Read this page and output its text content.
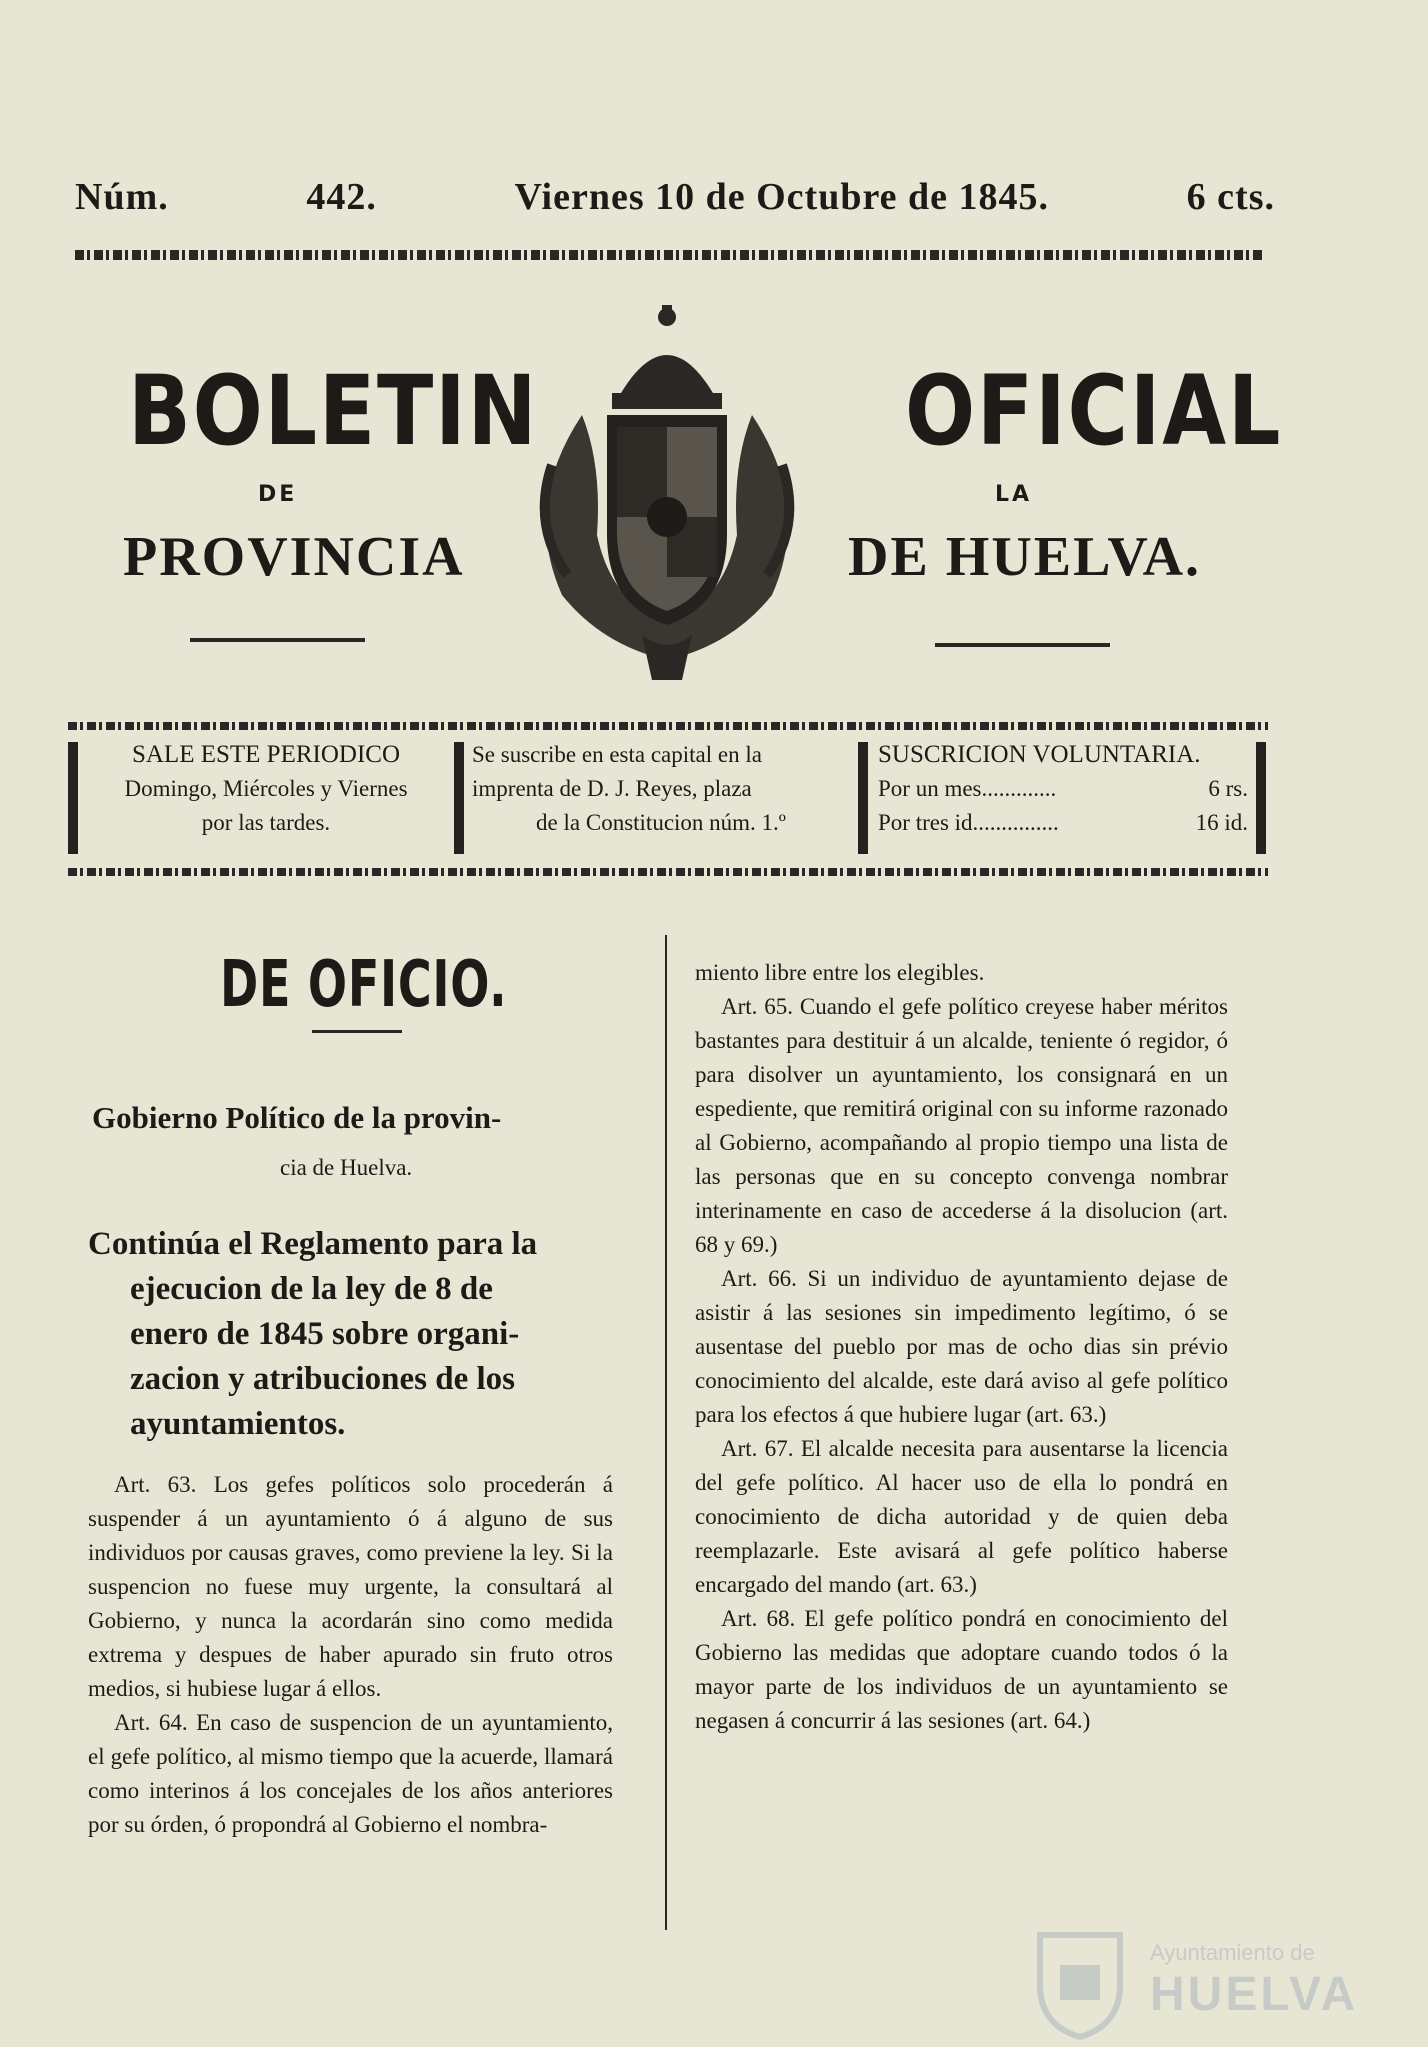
Núm.	442.	Viernes 10 de Octubre de 1845.	6 cts.
BOLETIN	OFICIAL
DE	LA
PROVINCIA	DE HUELVA.

SALE ESTE PERIODICO

Domingo, Miércoles y Viernes

por las tardes.

Se suscribe en esta capital en la

imprenta de D. J. Reyes, plaza

de la Constitucion núm. 1.º

SUSCRICION VOLUNTARIA.

Por un mes.............	6 rs.

Por tres id...............	16 id.

DE OFICIO.
Gobierno Político de la provin-
cia de Huelva.
Continúa el Reglamento para la
ejecucion de la ley de 8 de
enero de 1845 sobre organi-
zacion y atribuciones de los
ayuntamientos.

Art. 63. Los gefes políticos solo procederán á suspender á un ayuntamiento ó á alguno de sus individuos por causas graves, como previene la ley. Si la suspencion no fuese muy urgente, la consultará al Gobierno, y nunca la acordarán sino como medida extrema y despues de haber apurado sin fruto otros medios, si hubiese lugar á ellos.

Art. 64. En caso de suspencion de un ayuntamiento, el gefe político, al mismo tiempo que la acuerde, llamará como interinos á los concejales de los años anteriores por su órden, ó propondrá al Gobierno el nombra-

miento libre entre los elegibles.

Art. 65. Cuando el gefe político creyese haber méritos bastantes para destituir á un alcalde, teniente ó regidor, ó para disolver un ayuntamiento, los consignará en un espediente, que remitirá original con su informe razonado al Gobierno, acompañando al propio tiempo una lista de las personas que en su concepto convenga nombrar interinamente en caso de accederse á la disolucion (art. 68 y 69.)

Art. 66. Si un individuo de ayuntamiento dejase de asistir á las sesiones sin impedimento legítimo, ó se ausentase del pueblo por mas de ocho dias sin prévio conocimiento del alcalde, este dará aviso al gefe político para los efectos á que hubiere lugar (art. 63.)

Art. 67. El alcalde necesita para ausentarse la licencia del gefe político. Al hacer uso de ella lo pondrá en conocimiento de dicha autoridad y de quien deba reemplazarle. Este avisará al gefe político haberse encargado del mando (art. 63.)

Art. 68. El gefe político pondrá en conocimiento del Gobierno las medidas que adoptare cuando todos ó la mayor parte de los individuos de un ayuntamiento se negasen á concurrir á las sesiones (art. 64.)

Ayuntamiento de
HUELVA
